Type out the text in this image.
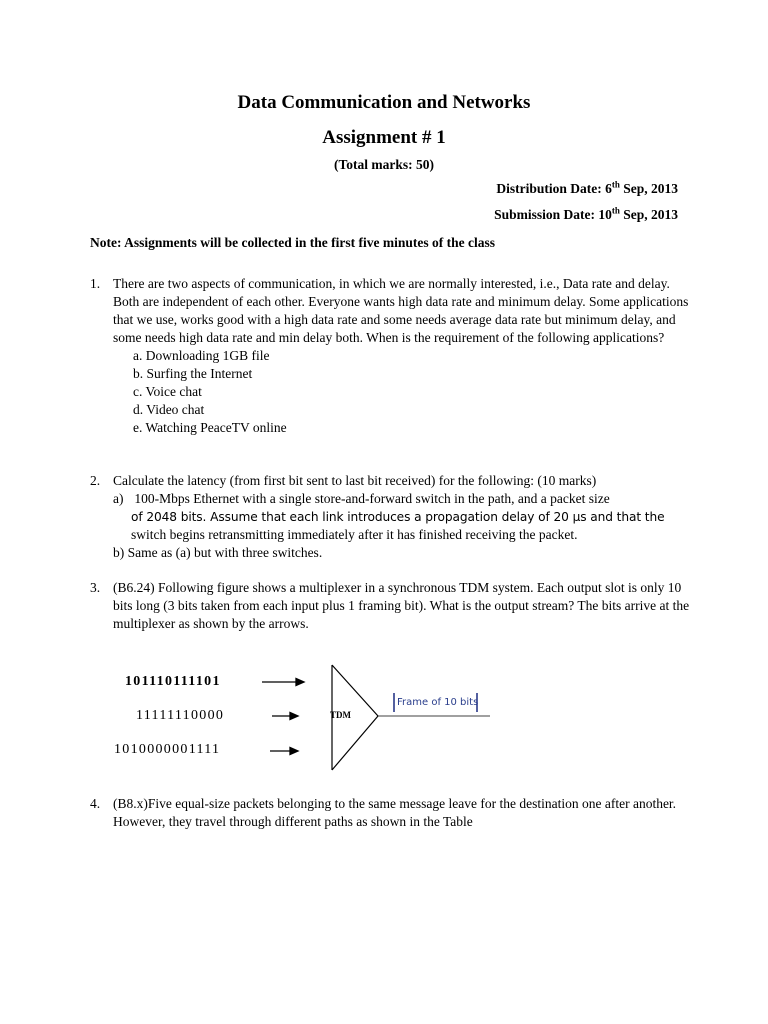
Data Communication and Networks
Assignment # 1
(Total marks: 50)
Distribution Date: 6th Sep, 2013
Submission Date: 10th Sep, 2013
Note: Assignments will be collected in the first five minutes of the class
1. There are two aspects of communication, in which we are normally interested, i.e., Data rate and delay. Both are independent of each other. Everyone wants high data rate and minimum delay. Some applications that we use, works good with a high data rate and some needs average data rate but minimum delay, and some needs high data rate and min delay both. When is the requirement of the following applications?
a. Downloading 1GB file
b. Surfing the Internet
c. Voice chat
d. Video chat
e. Watching PeaceTV online
2. Calculate the latency (from first bit sent to last bit received) for the following: (10 marks)
a) 100-Mbps Ethernet with a single store-and-forward switch in the path, and a packet size
of 2048 bits. Assume that each link introduces a propagation delay of 20 µs and that the
switch begins retransmitting immediately after it has finished receiving the packet.
b) Same as (a) but with three switches.
3. (B6.24) Following figure shows a multiplexer in a synchronous TDM system. Each output slot is only 10 bits long (3 bits taken from each input plus 1 framing bit). What is the output stream? The bits arrive at the multiplexer as shown by the arrows.
101110111101
11111110000
1010000001111
TDM
Frame of 10 bits
4. (B8.x)Five equal-size packets belonging to the same message leave for the destination one after another. However, they travel through different paths as shown in the Table
